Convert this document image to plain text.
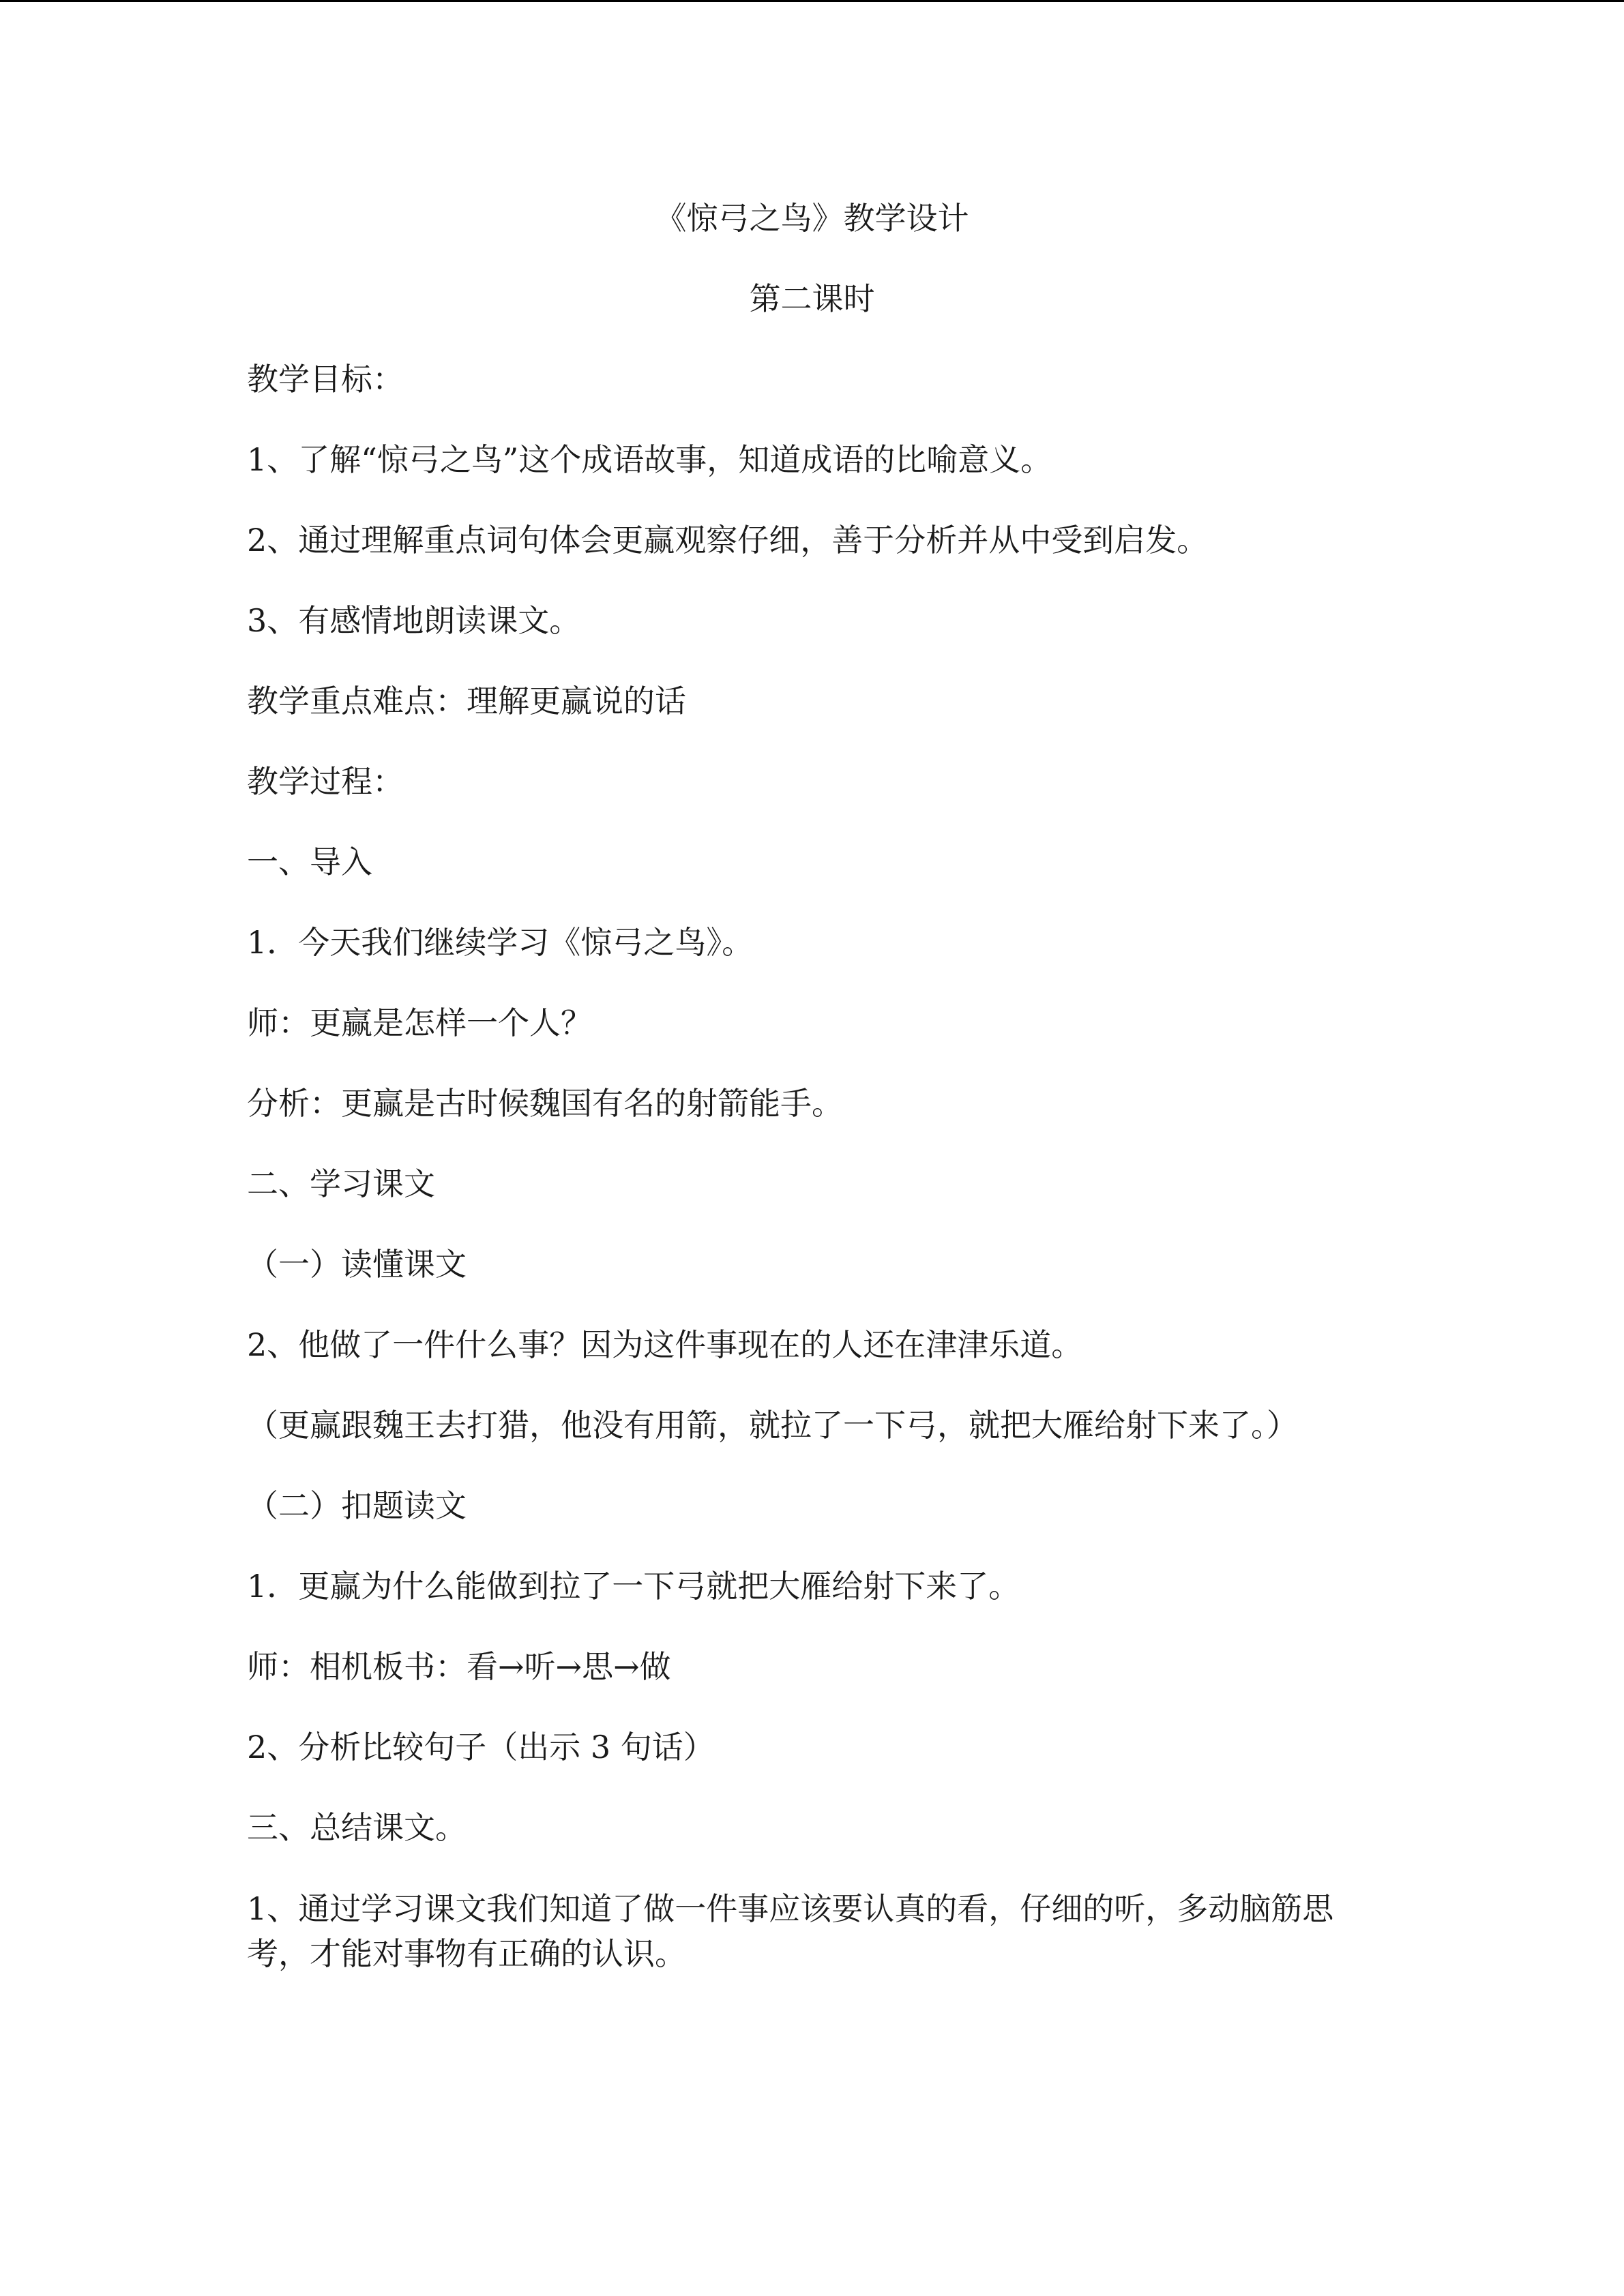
《惊弓之鸟》教学设计

第二课时

教学目标：

1、了解“惊弓之鸟”这个成语故事，知道成语的比喻意义。

2、通过理解重点词句体会更赢观察仔细，善于分析并从中受到启发。

3、有感情地朗读课文。

教学重点难点：理解更赢说的话

教学过程：

一、导入

1．今天我们继续学习《惊弓之鸟》。

师：更赢是怎样一个人？

分析：更赢是古时候魏国有名的射箭能手。

二、学习课文

（一）读懂课文

2、他做了一件什么事？因为这件事现在的人还在津津乐道。

（更赢跟魏王去打猎，他没有用箭，就拉了一下弓，就把大雁给射下来了。）

（二）扣题读文

1．更赢为什么能做到拉了一下弓就把大雁给射下来了。

师：相机板书：看→听→思→做

2、分析比较句子（出示 3 句话）

三、总结课文。

1、通过学习课文我们知道了做一件事应该要认真的看，仔细的听，多动脑筋思考，才能对事物有正确的认识。
